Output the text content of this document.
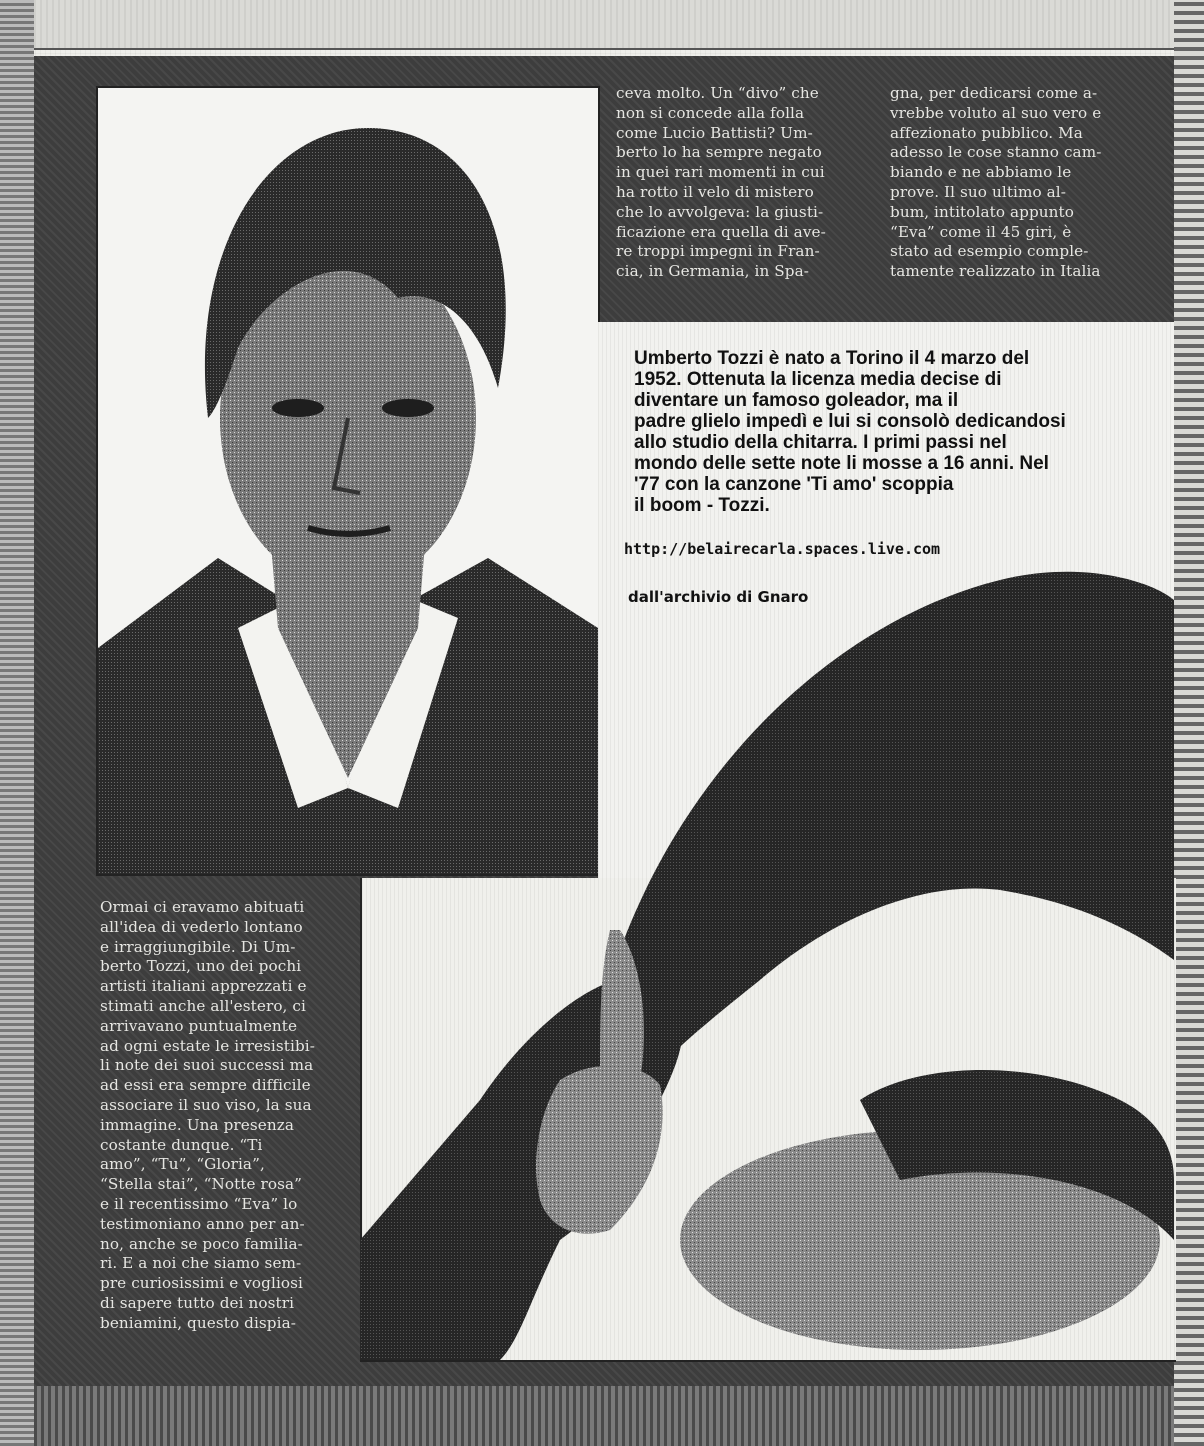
ceva molto. Un “divo” che
non si concede alla folla
come Lucio Battisti? Um-
berto lo ha sempre negato
in quei rari momenti in cui
ha rotto il velo di mistero
che lo avvolgeva: la giusti-
ficazione era quella di ave-
re troppi impegni in Fran-
cia, in Germania, in Spa-

gna, per dedicarsi come a-
vrebbe voluto al suo vero e
affezionato pubblico. Ma
adesso le cose stanno cam-
biando e ne abbiamo le
prove. Il suo ultimo al-
bum, intitolato appunto
“Eva” come il 45 giri, è
stato ad esempio comple-
tamente realizzato in Italia

Umberto Tozzi è nato a Torino il 4 marzo del
1952. Ottenuta la licenza media decise di
diventare un famoso goleador, ma il
padre glielo impedì e lui si consolò dedicandosi
allo studio della chitarra. I primi passi nel
mondo delle sette note li mosse a 16 anni. Nel
'77 con la canzone 'Ti amo' scoppia
il boom - Tozzi.

http://belairecarla.spaces.live.com

dall'archivio di Gnaro

Ormai ci eravamo abituati
all'idea di vederlo lontano
e irraggiungibile. Di Um-
berto Tozzi, uno dei pochi
artisti italiani apprezzati e
stimati anche all'estero, ci
arrivavano puntualmente
ad ogni estate le irresistibi-
li note dei suoi successi ma
ad essi era sempre difficile
associare il suo viso, la sua
immagine. Una presenza
costante dunque. “Ti
amo”, “Tu”, “Gloria”,
“Stella stai”, “Notte rosa”
e il recentissimo “Eva” lo
testimoniano anno per an-
no, anche se poco familia-
ri. E a noi che siamo sem-
pre curiosissimi e vogliosi
di sapere tutto dei nostri
beniamini, questo dispia-
